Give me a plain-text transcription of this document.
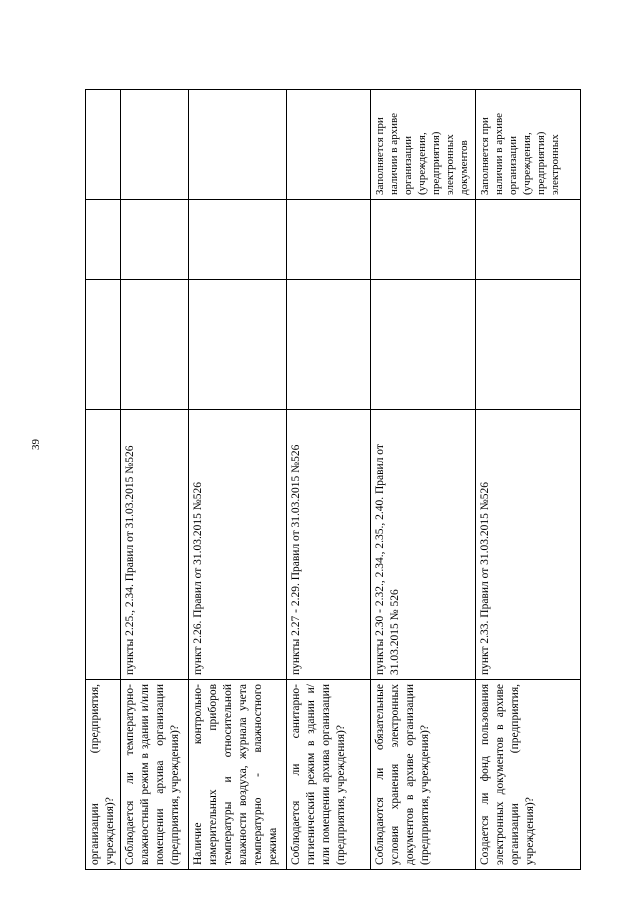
39
организации (предприятия, учреждения)?				
Соблюдается ли температурно-влажностный режим в здании и/или помещении архива организации (предприятия, учреждения)?	пункты 2.25., 2.34. Правил от 31.03.2015 №526			
Наличие контрольно-измерительных приборов температуры и относительной влажности воздуха, журнала учета температурно - влажностного режима	пункт 2.26. Правил от 31.03.2015 №526			
Соблюдается ли санитарно-гигиенический режим в здании и/или помещении архива организации (предприятия, учреждения)?	пункты 2.27 - 2.29. Правил от 31.03.2015 №526			
Соблюдаются ли обязательные условия хранения электронных документов в архиве организации (предприятия, учреждения)?	пункты 2.30 - 2.32., 2.34., 2.35., 2.40. Правил от 31.03.2015 № 526			Заполняется при наличии в архиве организации (учреждения, предприятия) электронных документов
Создается ли фонд пользования электронных документов в архиве организации (предприятия, учреждения)?	пункт 2.33. Правил от 31.03.2015 №526			Заполняется при наличии в архиве организации (учреждения, предприятия) электронных
